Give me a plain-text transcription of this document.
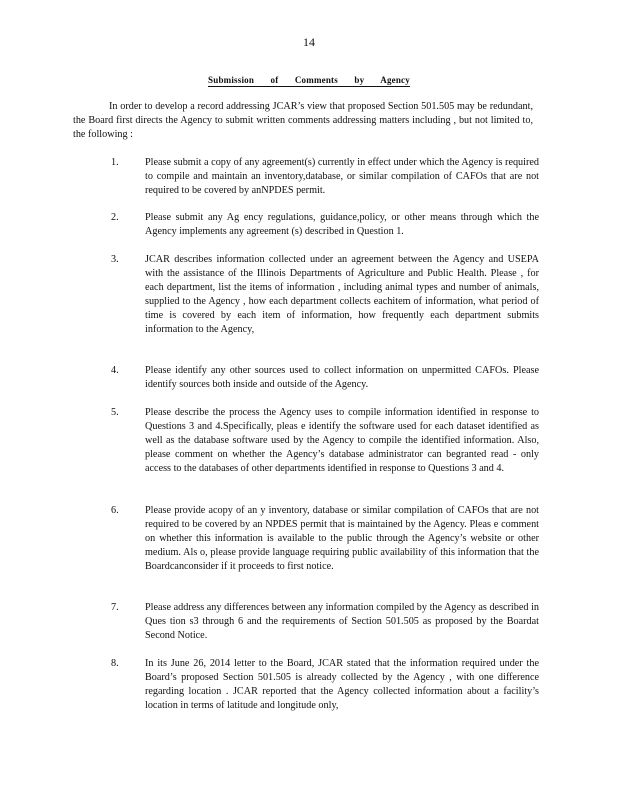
14
Submission of Comments by Agency

In order to develop a record addressing JCAR’s view that proposed Section 501.505 may be redundant, the Board first directs the Agency to submit written comments addressing matters including , but not limited to, the following :

1.	Please submit a copy of any agreement(s) currently in effect under which the Agency is required to compile and maintain an inventory,database, or similar compilation of CAFOs that are not required to be covered by anNPDES permit.

2.	Please submit any Ag ency regulations, guidance,policy, or other means through which the Agency implements any agreement (s) described in Question 1.

3.	JCAR describes information collected under an agreement between the Agency and USEPA with the assistance of the Illinois Departments of Agriculture and Public Health. Please , for each department, list the items of information , including animal types and number of animals, supplied to the Agency , how each department collects eachitem of information, what period of time is covered by each item of information, how frequently each department submits information to the Agency,

4.	Please identify any other sources used to collect information on unpermitted CAFOs. Please identify sources both inside and outside of the Agency.

5.	Please describe the process the Agency uses to compile information identified in response to Questions 3 and 4.Specifically, pleas e identify the software used for each dataset identified as well as the database software used by the Agency to compile the identified information. Also, please comment on whether the Agency’s database administrator can begranted read - only access to the databases of other departments identified in response to Questions 3 and 4.

6.	Please provide acopy of an y inventory, database or similar compilation of CAFOs that are not required to be covered by an NPDES permit that is maintained by the Agency. Pleas e comment on whether this information is available to the public through the Agency’s website or other medium. Als o, please provide language requiring public availability of this information that the Boardcanconsider if it proceeds to first notice.

7.	Please address any differences between any information compiled by the Agency as described in Ques tion s3 through 6 and the requirements of Section 501.505 as proposed by the Boardat Second Notice.

8.	In its June 26, 2014 letter to the Board, JCAR stated that the information required under the Board’s proposed Section 501.505 is already collected by the Agency , with one difference regarding location . JCAR reported that the Agency collected information about a facility’s location in terms of latitude and longitude only,
